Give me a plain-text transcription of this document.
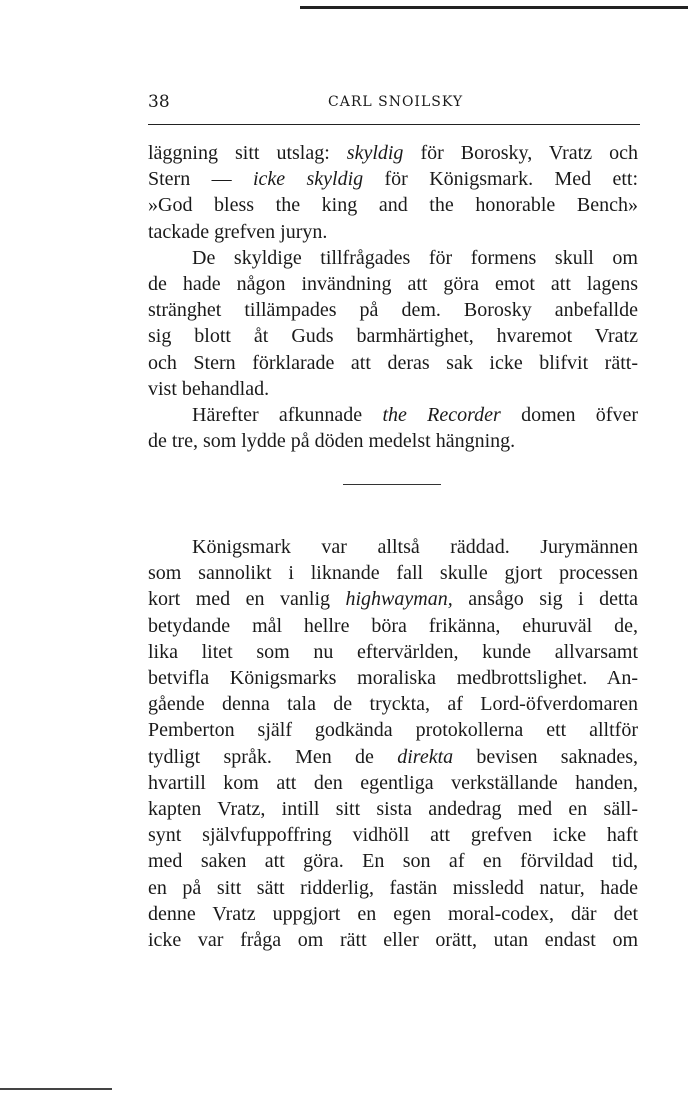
38	CARL SNOILSKY
läggning sitt utslag: skyldig för Borosky, Vratz och
Stern — icke skyldig för Königsmark. Med ett:
»God bless the king and the honorable Bench»
tackade grefven juryn.
De skyldige tillfrågades för formens skull om
de hade någon invändning att göra emot att lagens
stränghet tillämpades på dem. Borosky anbefallde
sig blott åt Guds barmhärtighet, hvaremot Vratz
och Stern förklarade att deras sak icke blifvit rätt-
vist behandlad.
Härefter afkunnade the Recorder domen öfver
de tre, som lydde på döden medelst hängning.
Königsmark var alltså räddad. Jurymännen
som sannolikt i liknande fall skulle gjort processen
kort med en vanlig highwayman, ansågo sig i detta
betydande mål hellre böra frikänna, ehuruväl de,
lika litet som nu eftervärlden, kunde allvarsamt
betvifla Königsmarks moraliska medbrottslighet. An-
gående denna tala de tryckta, af Lord-öfverdomaren
Pemberton själf godkända protokollerna ett alltför
tydligt språk. Men de direkta bevisen saknades,
hvartill kom att den egentliga verkställande handen,
kapten Vratz, intill sitt sista andedrag med en säll-
synt självfuppoffring vidhöll att grefven icke haft
med saken att göra. En son af en förvildad tid,
en på sitt sätt ridderlig, fastän missledd natur, hade
denne Vratz uppgjort en egen moral-codex, där det
icke var fråga om rätt eller orätt, utan endast om
